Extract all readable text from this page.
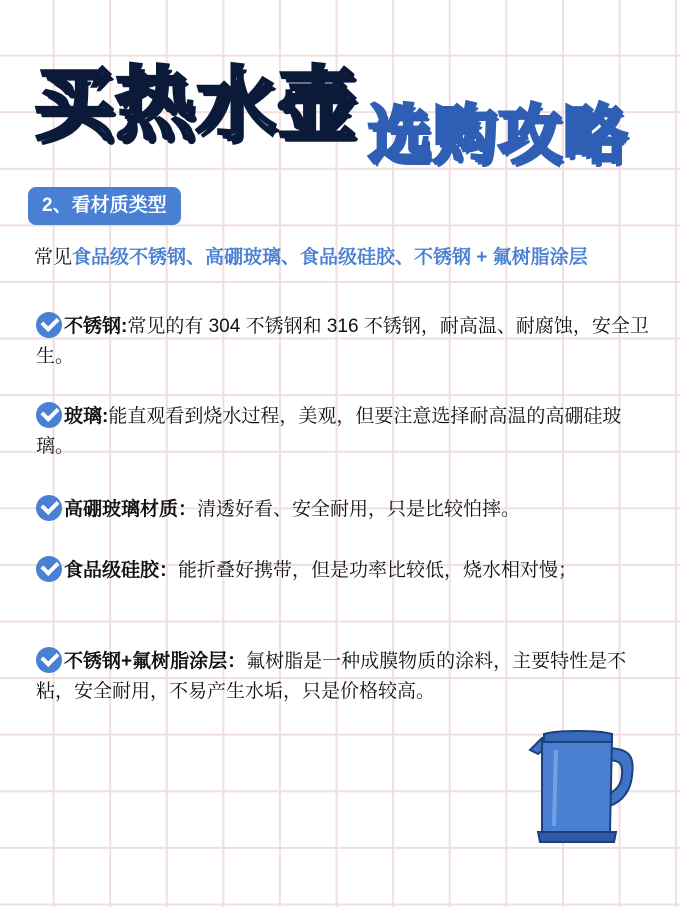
买热水壶 选购攻略
2、看材质类型
常见食品级不锈钢、高硼玻璃、食品级硅胶、不锈钢 + 氟树脂涂层
不锈钢:常见的有 304 不锈钢和 316 不锈钢，耐高温、耐腐蚀，安全卫生。
玻璃:能直观看到烧水过程，美观，但要注意选择耐高温的高硼硅玻璃。
高硼玻璃材质：清透好看、安全耐用，只是比较怕摔。
食品级硅胶：能折叠好携带，但是功率比较低，烧水相对慢；
不锈钢+氟树脂涂层：氟树脂是一种成膜物质的涂料，主要特性是不粘，安全耐用，不易产生水垢，只是价格较高。
